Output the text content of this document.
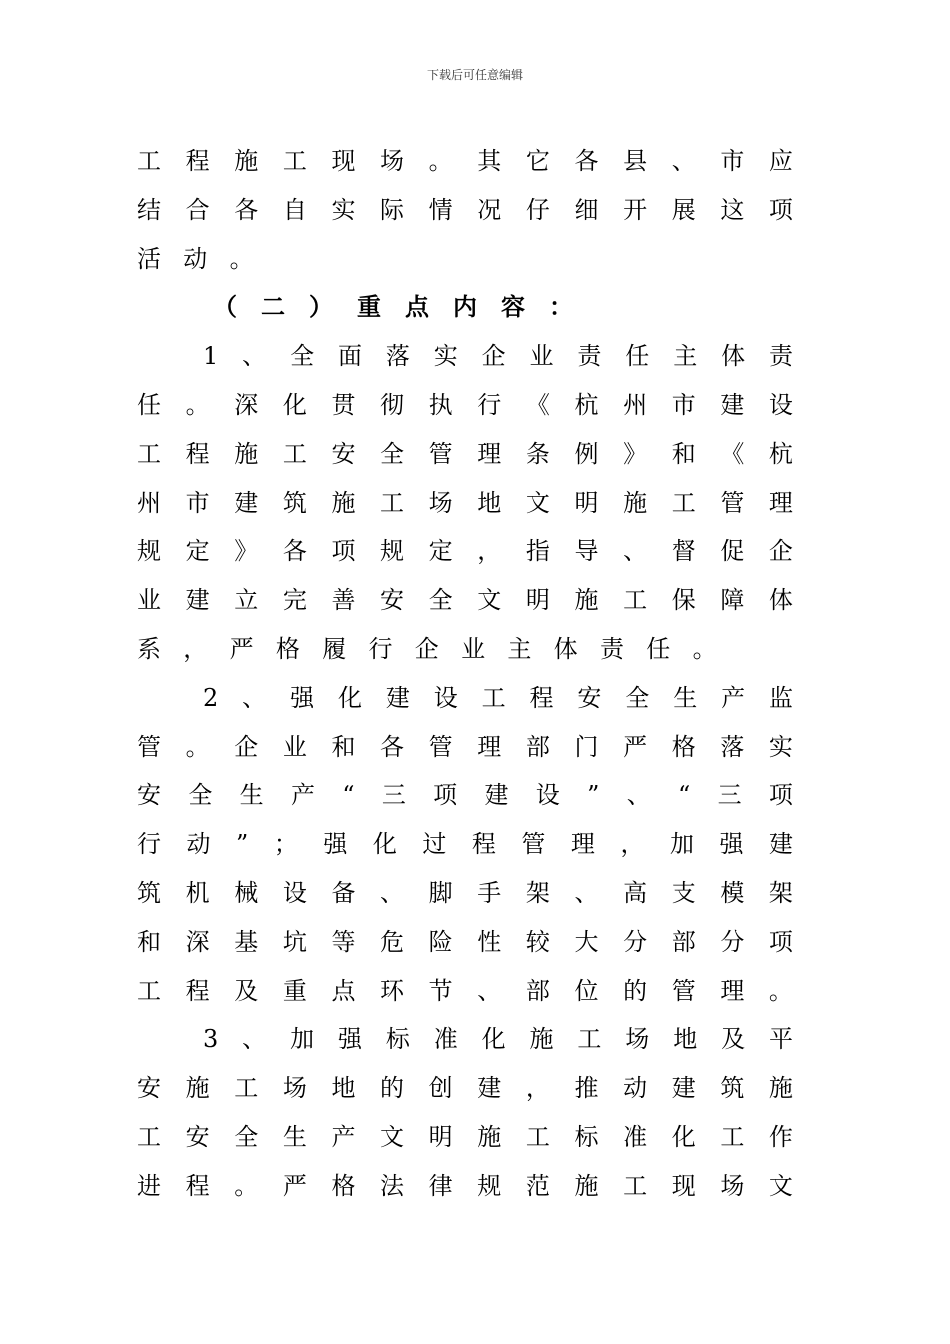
下载后可任意编辑
工 程 施 工 现 场 。 其 它 各 县 、 市 应
结 合 各 自 实 际 情 况 仔 细 开 展 这 项
活 动 。
（ 二 ） 重 点 内 容 ：
1 、 全 面 落 实 企 业 责 任 主 体 责
任 。 深 化 贯 彻 执 行 《 杭 州 市 建 设
工 程 施 工 安 全 管 理 条 例 》 和 《 杭
州 市 建 筑 施 工 场 地 文 明 施 工 管 理
规 定 》 各 项 规 定 ， 指 导 、 督 促 企
业 建 立 完 善 安 全 文 明 施 工 保 障 体
系 ， 严 格 履 行 企 业 主 体 责 任 。
2 、 强 化 建 设 工 程 安 全 生 产 监
管 。 企 业 和 各 管 理 部 门 严 格 落 实
安 全 生 产 “ 三 项 建 设 ” 、 “ 三 项
行 动 ” ； 强 化 过 程 管 理 ， 加 强 建
筑 机 械 设 备 、 脚 手 架 、 高 支 模 架
和 深 基 坑 等 危 险 性 较 大 分 部 分 项
工 程 及 重 点 环 节 、 部 位 的 管 理 。
3 、 加 强 标 准 化 施 工 场 地 及 平
安 施 工 场 地 的 创 建 ， 推 动 建 筑 施
工 安 全 生 产 文 明 施 工 标 准 化 工 作
进 程 。 严 格 法 律 规 范 施 工 现 场 文
